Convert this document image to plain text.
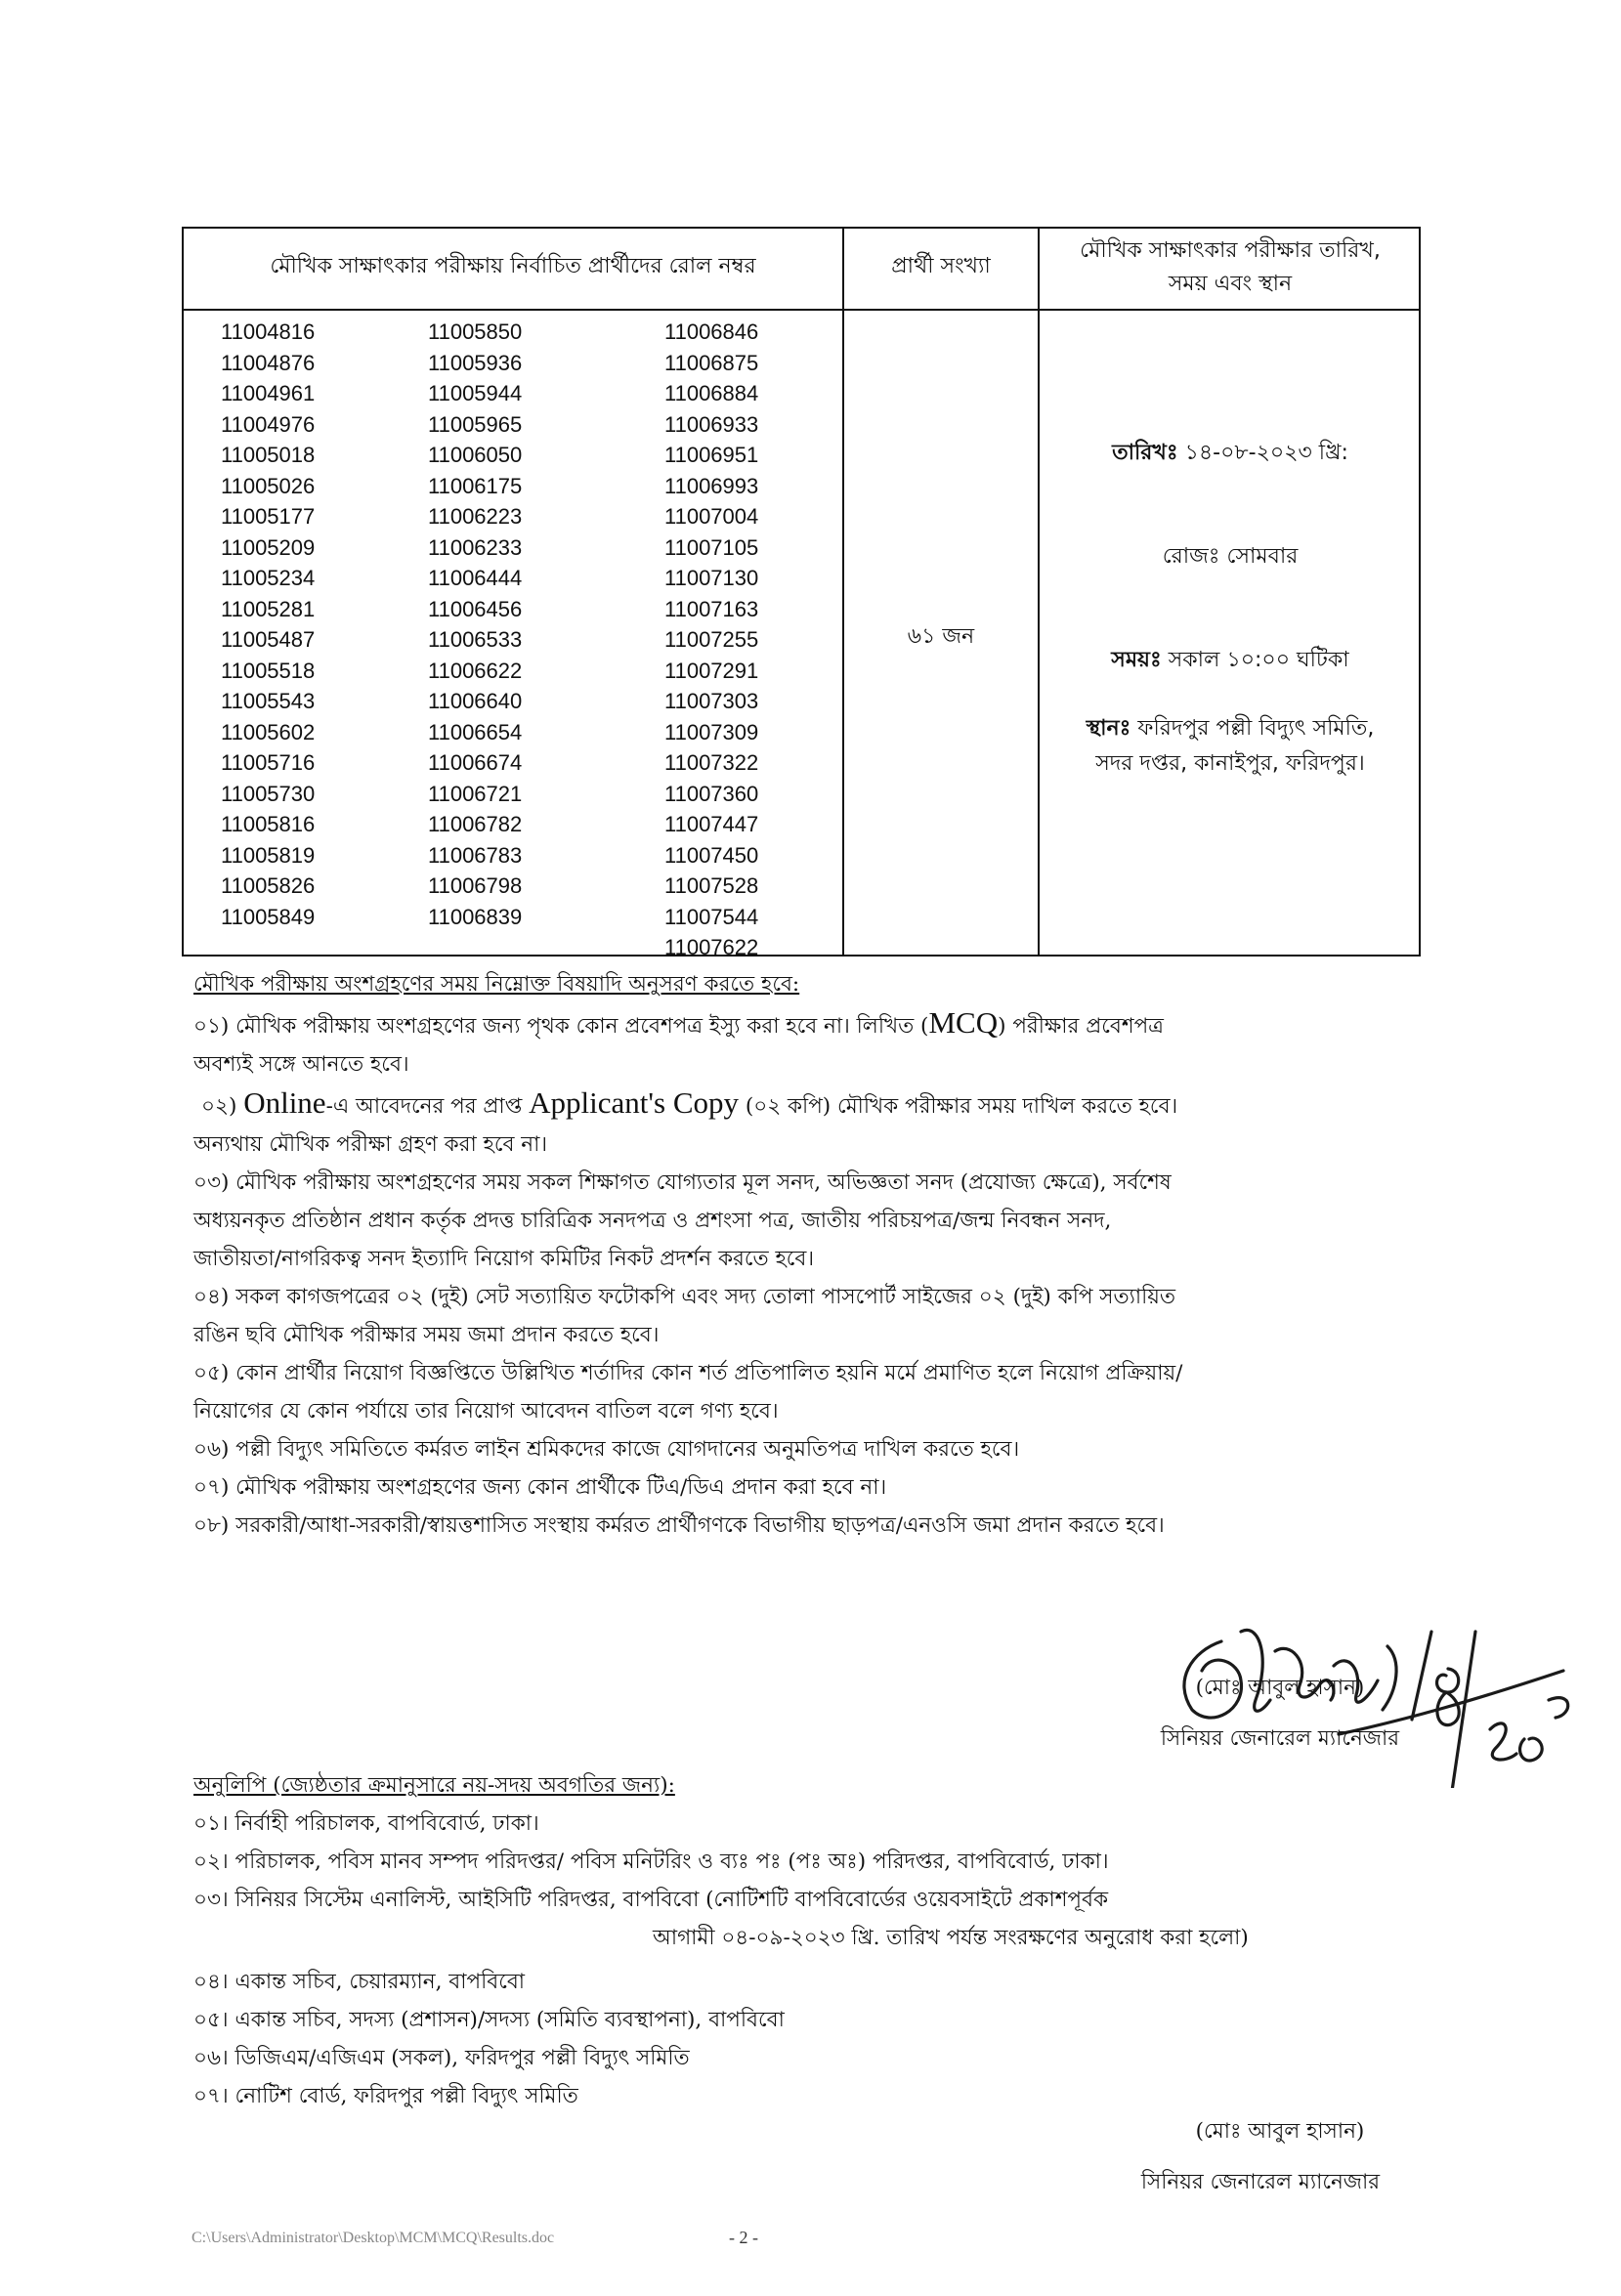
মৌখিক সাক্ষাৎকার পরীক্ষায় নির্বাচিত প্রার্থীদের রোল নম্বর	প্রার্থী সংখ্যা
মৌখিক সাক্ষাৎকার পরীক্ষার তারিখ,
সময় এবং স্থান
11004816
11004876
11004961
11004976
11005018
11005026
11005177
11005209
11005234
11005281
11005487
11005518
11005543
11005602
11005716
11005730
11005816
11005819
11005826
11005849
11005850
11005936
11005944
11005965
11006050
11006175
11006223
11006233
11006444
11006456
11006533
11006622
11006640
11006654
11006674
11006721
11006782
11006783
11006798
11006839
11006846
11006875
11006884
11006933
11006951
11006993
11007004
11007105
11007130
11007163
11007255
11007291
11007303
11007309
11007322
11007360
11007447
11007450
11007528
11007544
11007622
৬১ জন
তারিখঃ ১৪-০৮-২০২৩ খ্রি:
রোজঃ সোমবার
সময়ঃ সকাল ১০:০০ ঘটিকা
স্থানঃ ফরিদপুর পল্লী বিদ্যুৎ সমিতি,
সদর দপ্তর, কানাইপুর, ফরিদপুর।
মৌখিক পরীক্ষায় অংশগ্রহণের সময় নিম্নোক্ত বিষয়াদি অনুসরণ করতে হবে:
০১) মৌখিক পরীক্ষায় অংশগ্রহণের জন্য পৃথক কোন প্রবেশপত্র ইস্যু করা হবে না। লিখিত (MCQ) পরীক্ষার প্রবেশপত্র
অবশ্যই সঙ্গে আনতে হবে।
০২) Online-এ আবেদনের পর প্রাপ্ত Applicant's Copy (০২ কপি) মৌখিক পরীক্ষার সময় দাখিল করতে হবে।
অন্যথায় মৌখিক পরীক্ষা গ্রহণ করা হবে না।
০৩) মৌখিক পরীক্ষায় অংশগ্রহণের সময় সকল শিক্ষাগত যোগ্যতার মূল সনদ, অভিজ্ঞতা সনদ (প্রযোজ্য ক্ষেত্রে), সর্বশেষ
অধ্যয়নকৃত প্রতিষ্ঠান প্রধান কর্তৃক প্রদত্ত চারিত্রিক সনদপত্র ও প্রশংসা পত্র, জাতীয় পরিচয়পত্র/জন্ম নিবন্ধন সনদ,
জাতীয়তা/নাগরিকত্ব সনদ ইত্যাদি নিয়োগ কমিটির নিকট প্রদর্শন করতে হবে।
০৪) সকল কাগজপত্রের ০২ (দুই) সেট সত্যায়িত ফটোকপি এবং সদ্য তোলা পাসপোর্ট সাইজের ০২ (দুই) কপি সত্যায়িত
রঙিন ছবি মৌখিক পরীক্ষার সময় জমা প্রদান করতে হবে।
০৫) কোন প্রার্থীর নিয়োগ বিজ্ঞপ্তিতে উল্লিখিত শর্তাদির কোন শর্ত প্রতিপালিত হয়নি মর্মে প্রমাণিত হলে নিয়োগ প্রক্রিয়ায়/
নিয়োগের যে কোন পর্যায়ে তার নিয়োগ আবেদন বাতিল বলে গণ্য হবে।
০৬) পল্লী বিদ্যুৎ সমিতিতে কর্মরত লাইন শ্রমিকদের কাজে যোগদানের অনুমতিপত্র দাখিল করতে হবে।
০৭) মৌখিক পরীক্ষায় অংশগ্রহণের জন্য কোন প্রার্থীকে টিএ/ডিএ প্রদান করা হবে না।
০৮) সরকারী/আধা-সরকারী/স্বায়ত্তশাসিত সংস্থায় কর্মরত প্রার্থীগণকে বিভাগীয় ছাড়পত্র/এনওসি জমা প্রদান করতে হবে।
(মোঃ আবুল হাসান)
সিনিয়র জেনারেল ম্যানেজার
অনুলিপি (জ্যেষ্ঠতার ক্রমানুসারে নয়-সদয় অবগতির জন্য):
০১। নির্বাহী পরিচালক, বাপবিবোর্ড, ঢাকা।
০২। পরিচালক, পবিস মানব সম্পদ পরিদপ্তর/ পবিস মনিটরিং ও ব্যঃ পঃ (পঃ অঃ) পরিদপ্তর, বাপবিবোর্ড, ঢাকা।
০৩। সিনিয়র সিস্টেম এনালিস্ট, আইসিটি পরিদপ্তর, বাপবিবো (নোটিশটি বাপবিবোর্ডের ওয়েবসাইটে প্রকাশপূর্বক
আগামী ০৪-০৯-২০২৩ খ্রি. তারিখ পর্যন্ত সংরক্ষণের অনুরোধ করা হলো)
০৪। একান্ত সচিব, চেয়ারম্যান, বাপবিবো
০৫। একান্ত সচিব, সদস্য (প্রশাসন)/সদস্য (সমিতি ব্যবস্থাপনা), বাপবিবো
০৬। ডিজিএম/এজিএম (সকল), ফরিদপুর পল্লী বিদ্যুৎ সমিতি
০৭। নোটিশ বোর্ড, ফরিদপুর পল্লী বিদ্যুৎ সমিতি
(মোঃ আবুল হাসান)
সিনিয়র জেনারেল ম্যানেজার
C:\Users\Administrator\Desktop\MCM\MCQ\Results.doc	- 2 -
